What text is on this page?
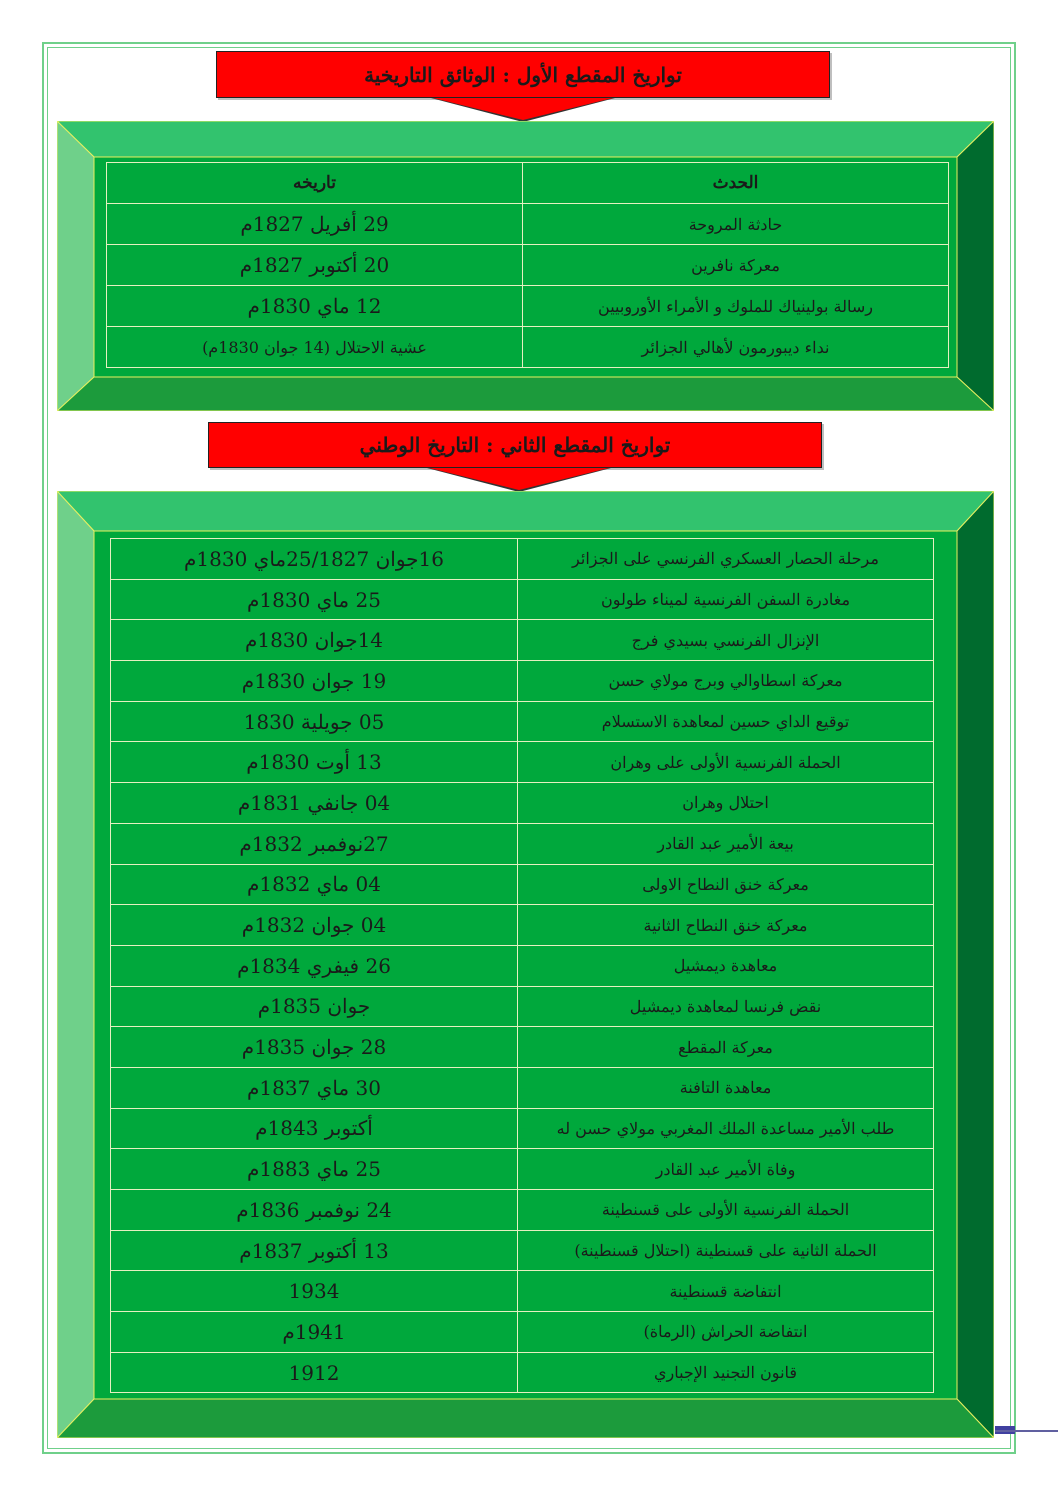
تواريخ المقطع الأول : الوثائق التاريخية
الحدث	تاريخه
حادثة المروحة	29 أفريل 1827م
معركة نافرين	20 أكتوبر 1827م
رسالة بولينياك للملوك و الأمراء الأوروبيين	12 ماي 1830م
نداء ديبورمون لأهالي الجزائر	عشية الاحتلال (14 جوان 1830م)
تواريخ المقطع الثاني : التاريخ الوطني
مرحلة الحصار العسكري الفرنسي على الجزائر	16جوان 25/1827ماي 1830م
مغادرة السفن الفرنسية لميناء طولون	25 ماي 1830م
الإنزال الفرنسي بسيدي فرج	14جوان 1830م
معركة اسطاوالي وبرج مولاي حسن	19 جوان 1830م
توقيع الداي حسين لمعاهدة الاستسلام	05 جويلية 1830
الحملة الفرنسية الأولى على وهران	13 أوت 1830م
احتلال وهران	04 جانفي 1831م
بيعة الأمير عبد القادر	27نوفمبر 1832م
معركة خنق النطاح الاولى	04 ماي 1832م
معركة خنق النطاح الثانية	04 جوان 1832م
معاهدة ديمشيل	26 فيفري 1834م
نقض فرنسا لمعاهدة ديمشيل	جوان 1835م
معركة المقطع	28 جوان 1835م
معاهدة التافنة	30 ماي 1837م
طلب الأمير مساعدة الملك المغربي مولاي حسن له	أكتوبر 1843م
وفاة الأمير عبد القادر	25 ماي 1883م
الحملة الفرنسية الأولى على قسنطينة	24 نوفمبر 1836م
الحملة الثانية على قسنطينة (احتلال قسنطينة)	13 أكتوبر 1837م
انتفاضة قسنطينة	1934
انتفاضة الحراش (الرماة)	1941م
قانون التجنيد الإجباري	1912
